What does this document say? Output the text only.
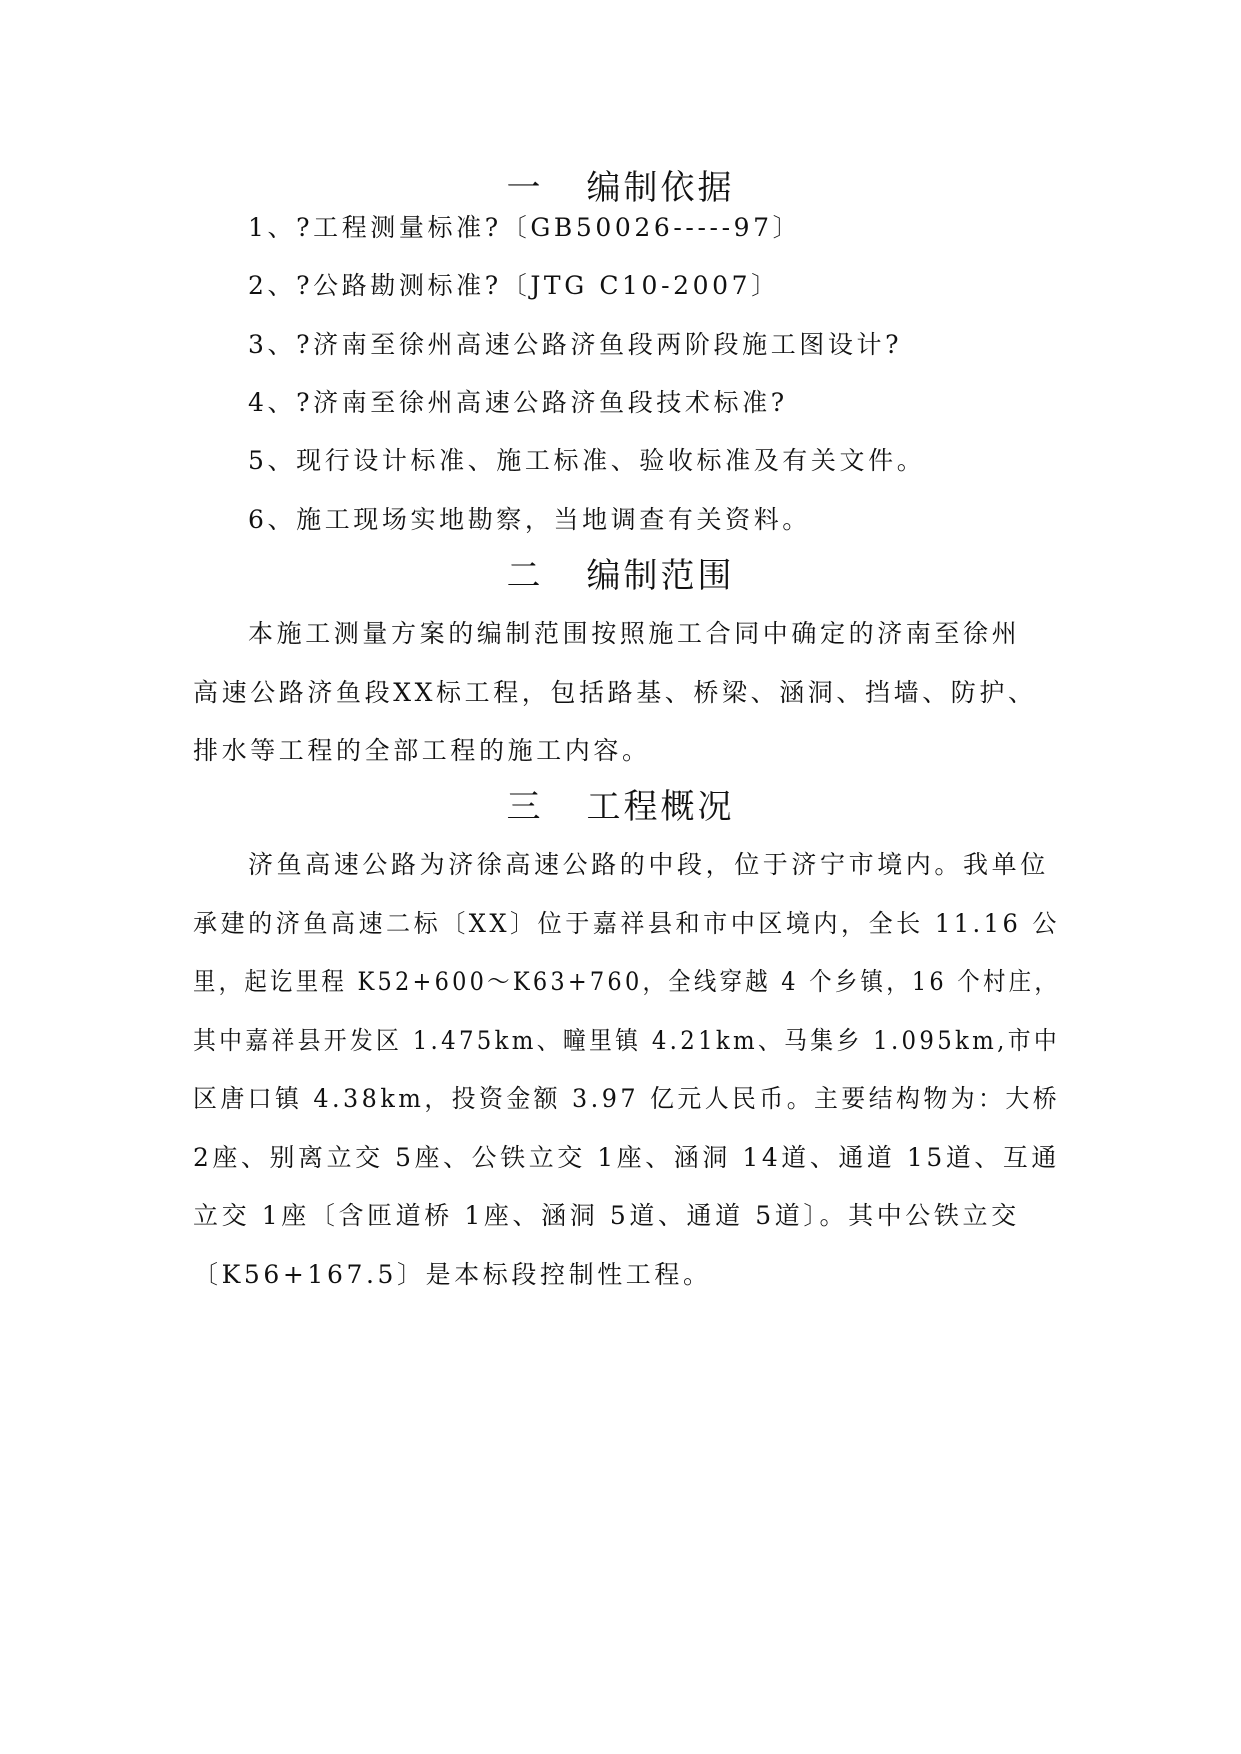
一 编制依据
1、?工程测量标准?〔GB50026-----97〕
2、?公路勘测标准?〔JTG C10-2007〕
3、?济南至徐州高速公路济鱼段两阶段施工图设计?
4、?济南至徐州高速公路济鱼段技术标准?
5、现行设计标准、施工标准、验收标准及有关文件。
6、施工现场实地勘察，当地调查有关资料。
二 编制范围
本施工测量方案的编制范围按照施工合同中确定的济南至徐州
高速公路济鱼段XX标工程，包括路基、桥梁、涵洞、挡墙、防护、
排水等工程的全部工程的施工内容。
三 工程概况
济鱼高速公路为济徐高速公路的中段，位于济宁市境内。我单位
承建的济鱼高速二标〔XX〕位于嘉祥县和市中区境内，全长 11.16 公
里，起讫里程 K52+600～K63+760，全线穿越 4 个乡镇，16 个村庄，
其中嘉祥县开发区 1.475km、疃里镇 4.21km、马集乡 1.095km,市中
区唐口镇 4.38km，投资金额 3.97 亿元人民币。主要结构物为：大桥
2座、别离立交 5座、公铁立交 1座、涵洞 14道、通道 15道、互通
立交 1座〔含匝道桥 1座、涵洞 5道、通道 5道〕。其中公铁立交
〔K56+167.5〕是本标段控制性工程。
